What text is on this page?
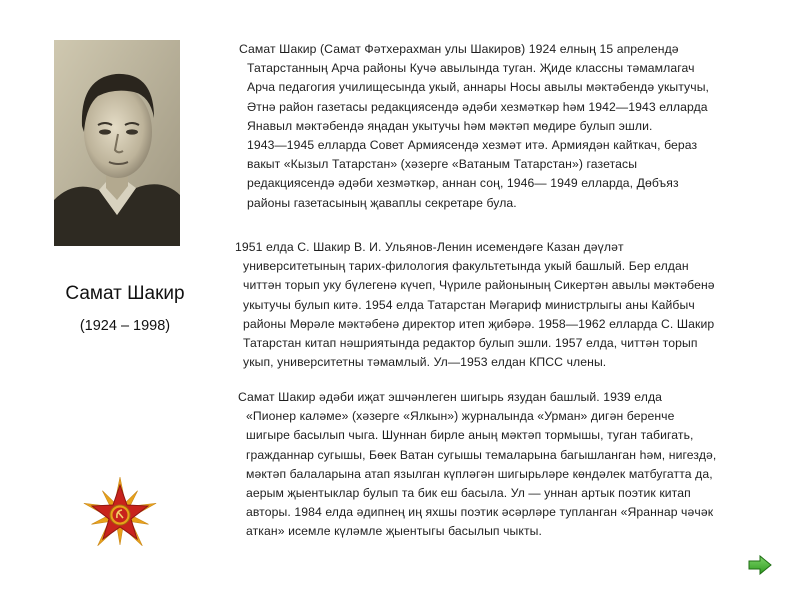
Самат Шакир
(1924 – 1998)
Самат Шакир (Самат Фәтхерахман улы Шакиров) 1924 елның 15 апрелендә
Татарстанның Арча районы Кучә авылында туган. Җиде классны тәмамлагач
Арча педагогия училищесында укый, аннары Носы авылы мәктәбендә укытучы,
Әтнә район газетасы редакциясендә әдәби хезмәткәр һәм 1942—1943 елларда
Янавыл мәктәбендә яңадан укытучы һәм мәктәп мөдире булып эшли.
1943—1945 елларда Совет Армиясендә хезмәт итә. Армиядән кайткач, бераз
вакыт «Кызыл Татарстан» (хәзерге «Ватаным Татарстан») газетасы
редакциясендә әдәби хезмәткәр, аннан соң, 1946— 1949 елларда, Дөбъяз
районы газетасының җаваплы секретаре була.
1951 елда С. Шакир В. И. Ульянов-Ленин исемендәге Казан дәүләт
университетының тарих-филология факультетында укый башлый. Бер елдан
читтән торып уку бүлегенә күчеп, Чүриле районының Сикертән авылы мәктәбенә
укытучы булып китә. 1954 елда Татарстан Мәгариф министрлыгы аны Кайбыч
районы Мөрәле мәктәбенә директор итеп җибәрә. 1958—1962 елларда С. Шакир
Татарстан китап нәшриятында редактор булып эшли. 1957 елда, читтән торып
укып, университетны тәмамлый. Ул—1953 елдан КПСС члены.
Самат Шакир әдәби иҗат эшчәнлеген шигырь язудан башлый. 1939 елда
«Пионер каләме» (хәзерге «Ялкын») журналында «Урман» дигән беренче
шигыре басылып чыга. Шуннан бирле аның мәктәп тормышы, туган табигать,
гражданнар сугышы, Бөек Ватан сугышы темаларына багышланган һәм, нигездә,
мәктәп балаларына атап язылган күпләгән шигырьләре көндәлек матбугатта да,
аерым җыентыклар булып та бик еш басыла. Ул — уннан артык поэтик китап
авторы. 1984 елда әдипнең иң яхшы поэтик әсәрләре тупланган «Яраннар чәчәк
аткан» исемле күләмле җыентыгы басылып чыкты.
